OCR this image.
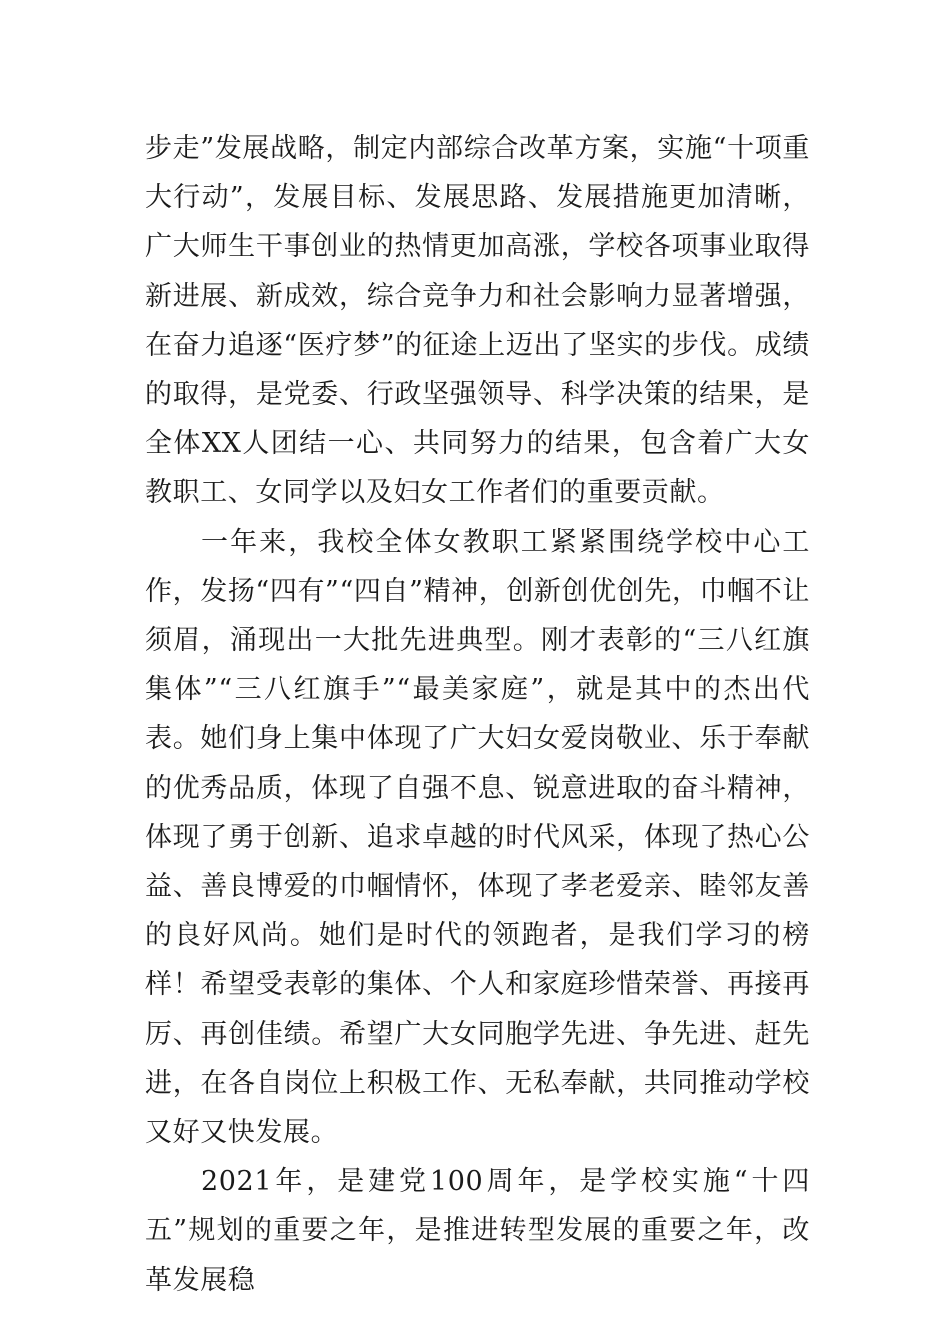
步走”发展战略，制定内部综合改革方案，实施“十项重大行动”，发展目标、发展思路、发展措施更加清晰，广大师生干事创业的热情更加高涨，学校各项事业取得新进展、新成效，综合竞争力和社会影响力显著增强，在奋力追逐“医疗梦”的征途上迈出了坚实的步伐。成绩的取得，是党委、行政坚强领导、科学决策的结果，是全体XX人团结一心、共同努力的结果，包含着广大女教职工、女同学以及妇女工作者们的重要贡献。

一年来，我校全体女教职工紧紧围绕学校中心工作，发扬“四有”“四自”精神，创新创优创先，巾帼不让须眉，涌现出一大批先进典型。刚才表彰的“三八红旗集体”“三八红旗手”“最美家庭”，就是其中的杰出代表。她们身上集中体现了广大妇女爱岗敬业、乐于奉献的优秀品质，体现了自强不息、锐意进取的奋斗精神，体现了勇于创新、追求卓越的时代风采，体现了热心公益、善良博爱的巾帼情怀，体现了孝老爱亲、睦邻友善的良好风尚。她们是时代的领跑者，是我们学习的榜样！希望受表彰的集体、个人和家庭珍惜荣誉、再接再厉、再创佳绩。希望广大女同胞学先进、争先进、赶先进，在各自岗位上积极工作、无私奉献，共同推动学校又好又快发展。

2021年，是建党100周年，是学校实施“十四五”规划的重要之年，是推进转型发展的重要之年，改革发展稳
